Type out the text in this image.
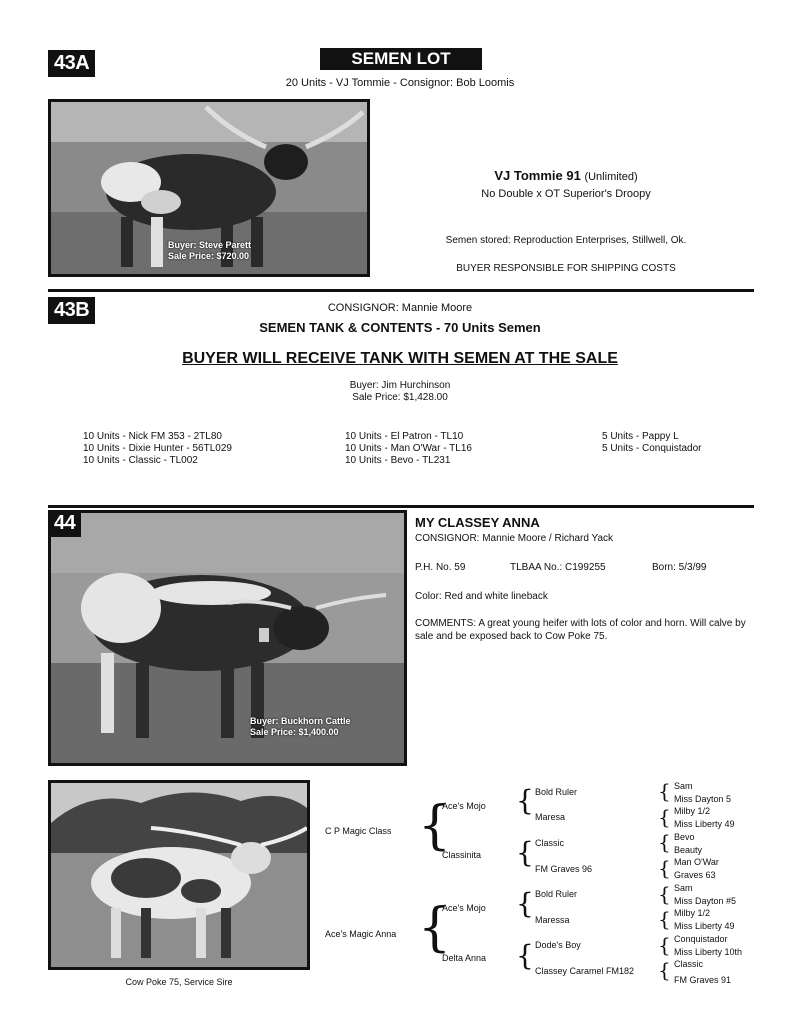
43A	SEMEN LOT
20 Units - VJ Tommie - Consignor: Bob Loomis
Buyer: Steve Parett
Sale Price: $720.00
VJ Tommie 91 (Unlimited)
No Double x OT Superior's Droopy
Semen stored: Reproduction Enterprises, Stillwell, Ok.
BUYER RESPONSIBLE FOR SHIPPING COSTS
43B	CONSIGNOR: Mannie Moore
SEMEN TANK & CONTENTS - 70 Units Semen
BUYER WILL RECEIVE TANK WITH SEMEN AT THE SALE
Buyer: Jim Hurchinson
Sale Price: $1,428.00
10 Units - Nick FM 353 - 2TL80
10 Units - Dixie Hunter - 56TL029
10 Units - Classic - TL002
10 Units - El Patron - TL10
10 Units - Man O'War - TL16
10 Units - Bevo - TL231
5 Units - Pappy L
5 Units - Conquistador
44
Buyer: Buckhorn Cattle
Sale Price: $1,400.00
MY CLASSEY ANNA
CONSIGNOR: Mannie Moore / Richard Yack
P.H. No. 59	TLBAA No.: C199255	Born: 5/3/99
Color: Red and white lineback
COMMENTS: A great young heifer with lots of color and horn. Will calve by sale and be exposed back to Cow Poke 75.
Cow Poke 75, Service Sire
C P Magic Class
Ace's Magic Anna
{
{
Ace's Mojo
Classinita
Ace's Mojo
Delta Anna
{
{
{
{
Bold Ruler
Maresa
Classic
FM Graves 96
Bold Ruler
Maressa
Dode's Boy
Classey Caramel FM182
{
{
{
{
{
{
{
{
Sam
Miss Dayton 5
Milby 1/2
Miss Liberty 49
Bevo
Beauty
Man O'War
Graves 63
Sam
Miss Dayton #5
Milby 1/2
Miss Liberty 49
Conquistador
Miss Liberty 10th
Classic
FM Graves 91
